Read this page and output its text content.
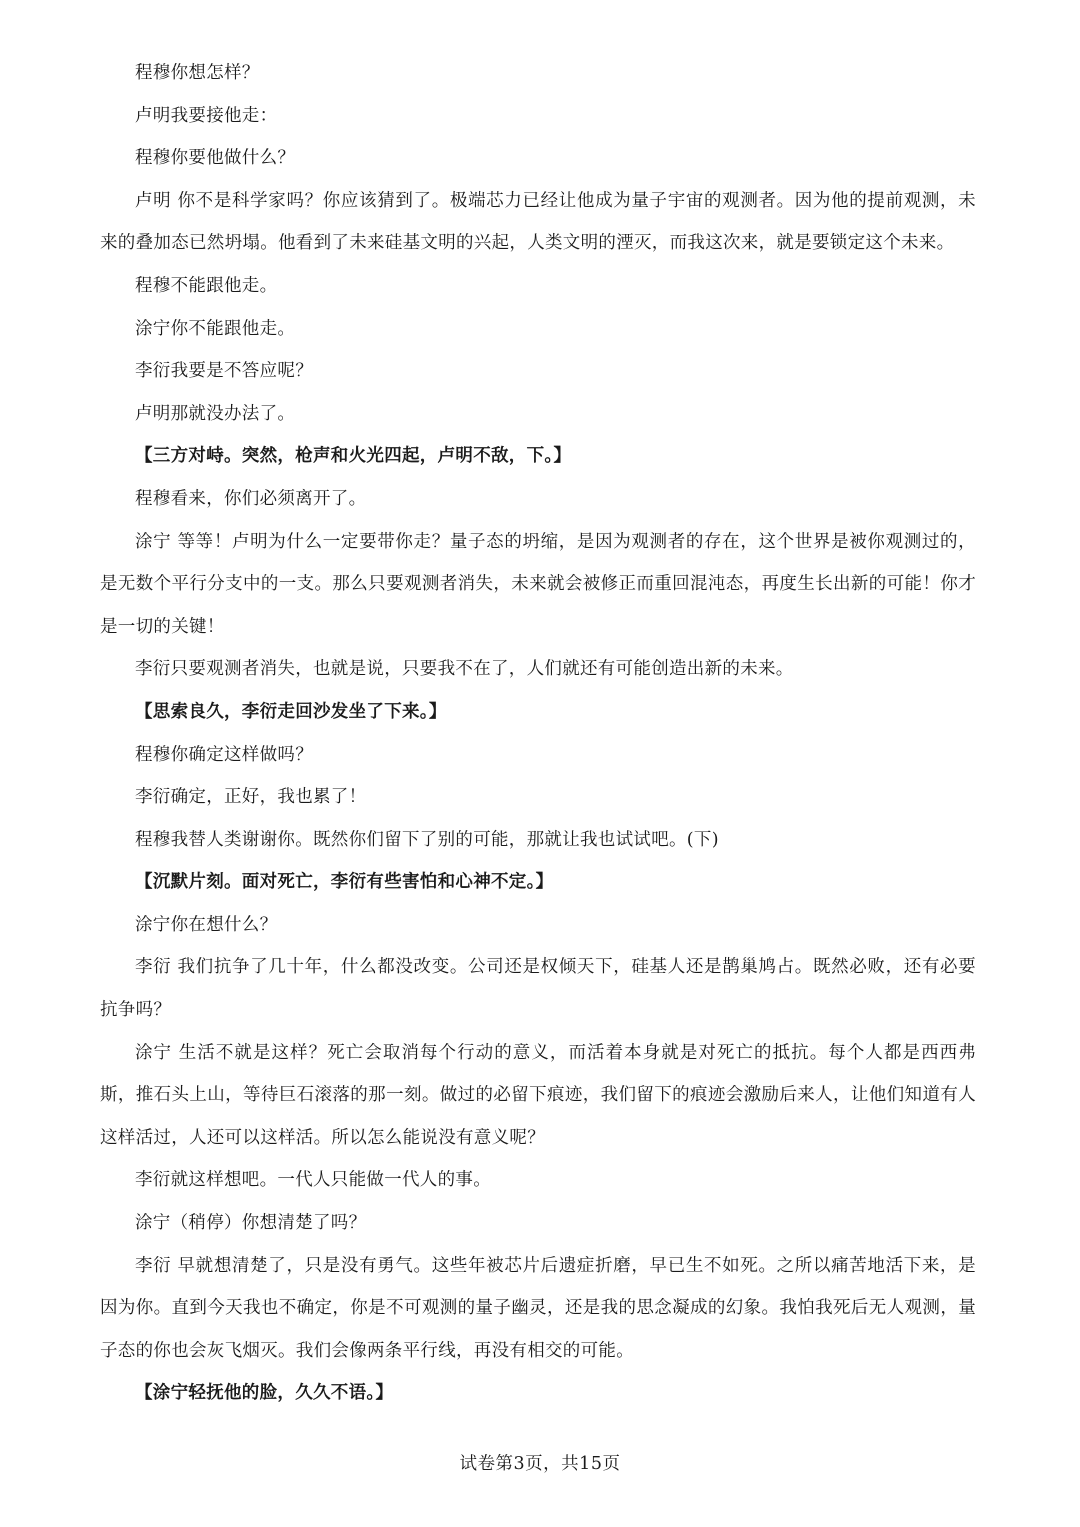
程穆你想怎样？

卢明我要接他走：

程穆你要他做什么？

卢明 你不是科学家吗？你应该猜到了。极端芯力已经让他成为量子宇宙的观测者。因为他的提前观测，未来的叠加态已然坍塌。他看到了未来硅基文明的兴起，人类文明的湮灭，而我这次来，就是要锁定这个未来。

程穆不能跟他走。

涂宁你不能跟他走。

李衍我要是不答应呢？

卢明那就没办法了。

【三方对峙。突然，枪声和火光四起，卢明不敌，下。】

程穆看来，你们必须离开了。

涂宁 等等！卢明为什么一定要带你走？量子态的坍缩，是因为观测者的存在，这个世界是被你观测过的，是无数个平行分支中的一支。那么只要观测者消失，未来就会被修正而重回混沌态，再度生长出新的可能！你才是一切的关键！

李衍只要观测者消失，也就是说，只要我不在了，人们就还有可能创造出新的未来。

【思索良久，李衍走回沙发坐了下来。】

程穆你确定这样做吗？

李衍确定，正好，我也累了！

程穆我替人类谢谢你。既然你们留下了别的可能，那就让我也试试吧。(下)

【沉默片刻。面对死亡，李衍有些害怕和心神不定。】

涂宁你在想什么？

李衍 我们抗争了几十年，什么都没改变。公司还是权倾天下，硅基人还是鹊巢鸠占。既然必败，还有必要抗争吗？

涂宁 生活不就是这样？死亡会取消每个行动的意义，而活着本身就是对死亡的抵抗。每个人都是西西弗斯，推石头上山，等待巨石滚落的那一刻。做过的必留下痕迹，我们留下的痕迹会激励后来人，让他们知道有人这样活过，人还可以这样活。所以怎么能说没有意义呢？

李衍就这样想吧。一代人只能做一代人的事。

涂宁（稍停）你想清楚了吗？

李衍 早就想清楚了，只是没有勇气。这些年被芯片后遗症折磨，早已生不如死。之所以痛苦地活下来，是因为你。直到今天我也不确定，你是不可观测的量子幽灵，还是我的思念凝成的幻象。我怕我死后无人观测，量子态的你也会灰飞烟灭。我们会像两条平行线，再没有相交的可能。

【涂宁轻抚他的脸，久久不语。】

试卷第3页，共15页
